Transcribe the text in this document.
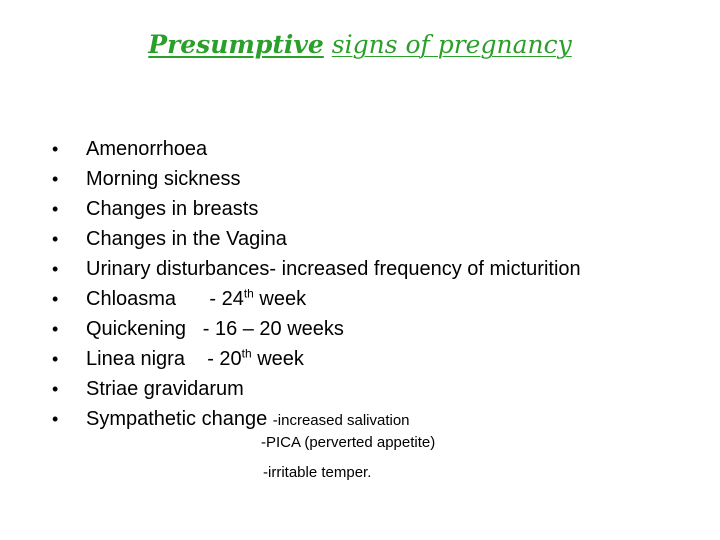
Presumptive signs of pregnancy
• Amenorrhoea
• Morning sickness
• Changes in breasts
• Changes in the Vagina
• Urinary disturbances- increased frequency of micturition
• Chloasma      - 24th week
• Quickening   - 16 – 20 weeks
• Linea nigra    - 20th week
• Striae gravidarum
• Sympathetic change -increased salivation
-PICA (perverted appetite)
-irritable temper.
